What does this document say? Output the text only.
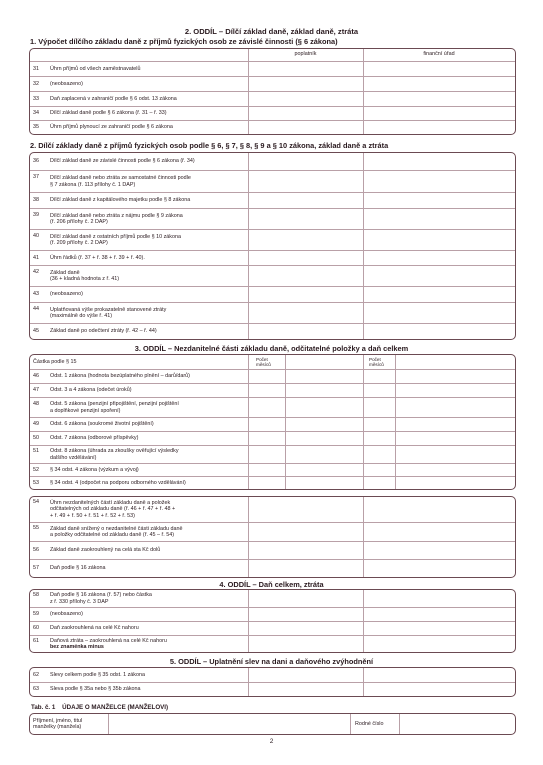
2. ODDÍL – Dílčí základ daně, základ daně, ztráta
1. Výpočet dílčího základu daně z příjmů fyzických osob ze závislé činnosti (§ 6 zákona)
poplatník	finanční úřad
31	Úhrn příjmů od všech zaměstnavatelů
32	(neobsazeno)
33	Daň zaplacená v zahraničí podle § 6 odst. 13 zákona
34	Dílčí základ daně podle § 6 zákona (ř. 31 – ř. 33)
35	Úhrn příjmů plynoucí ze zahraničí podle § 6 zákona
2. Dílčí základy daně z příjmů fyzických osob podle § 6, § 7, § 8, § 9 a § 10 zákona, základ daně a ztráta
36	Dílčí základ daně ze závislé činnosti podle § 6 zákona (ř. 34)
37	Dílčí základ daně nebo ztráta ze samostatné činnosti podle
§ 7 zákona (ř. 113 přílohy č. 1 DAP)
38	Dílčí základ daně z kapitálového majetku podle § 8 zákona
39	Dílčí základ daně nebo ztráta z nájmu podle § 9 zákona
(ř. 206 přílohy č. 2 DAP)
40	Dílčí základ daně z ostatních příjmů podle § 10 zákona
(ř. 209 přílohy č. 2 DAP)
41	Úhrn řádků (ř. 37 + ř. 38 + ř. 39 + ř. 40).
42	Základ daně
(36 + kladná hodnota z ř. 41)
43	(neobsazeno)
44	Uplatňovaná výše prokazatelně stanovené ztráty
(maximálně do výše ř. 41)
45	Základ daně po odečtení ztráty (ř. 42 – ř. 44)
3. ODDÍL – Nezdanitelné části základu daně, odčitatelné položky a daň celkem
Částka podle § 15	Počet měsíců
Počet měsíců
46	Odst. 1 zákona (hodnota bezúplatného plnění – darů/darů)
47	Odst. 3 a 4 zákona (odečet úroků)
48	Odst. 5 zákona (penzijní připojištění, penzijní pojištění
a doplňkové penzijní spoření)
49	Odst. 6 zákona (soukromé životní pojištění)
50	Odst. 7 zákona (odborové příspěvky)
51	Odst. 8 zákona (úhrada za zkoušky ověřující výsledky
dalšího vzdělávání)
52	§ 34 odst. 4 zákona (výzkum a vývoj)
53	§ 34 odst. 4 (odpočet na podporu odborného vzdělávání)
54	Úhrn nezdanitelných částí základu daně a položek
odčitatelných od základu daně (ř. 46 + ř. 47 + ř. 48 +
+ ř. 49 + ř. 50 + ř. 51 + ř. 52 + ř. 53)
55	Základ daně snížený o nezdanitelné části základu daně
a položky odčitatelné od základu daně (ř. 45 – ř. 54)
56	Základ daně zaokrouhlený na celá sta Kč dolů
57	Daň podle § 16 zákona
4. ODDÍL – Daň celkem, ztráta
58	Daň podle § 16 zákona (ř. 57) nebo částka
z ř. 330 přílohy č. 3 DAP
59	(neobsazeno)
60	Daň zaokrouhlená na celé Kč nahoru
61	Daňová ztráta – zaokrouhlená na celé Kč nahoru
bez znaménka minus
5. ODDÍL – Uplatnění slev na dani a daňového zvýhodnění
62	Slevy celkem podle § 35 odst. 1 zákona
63	Sleva podle § 35a nebo § 35b zákona
Tab. č. 1    ÚDAJE O MANŽELCE (MANŽELOVI)
Příjmení, jméno, titul
manželky (manžela)
Rodné číslo
2
